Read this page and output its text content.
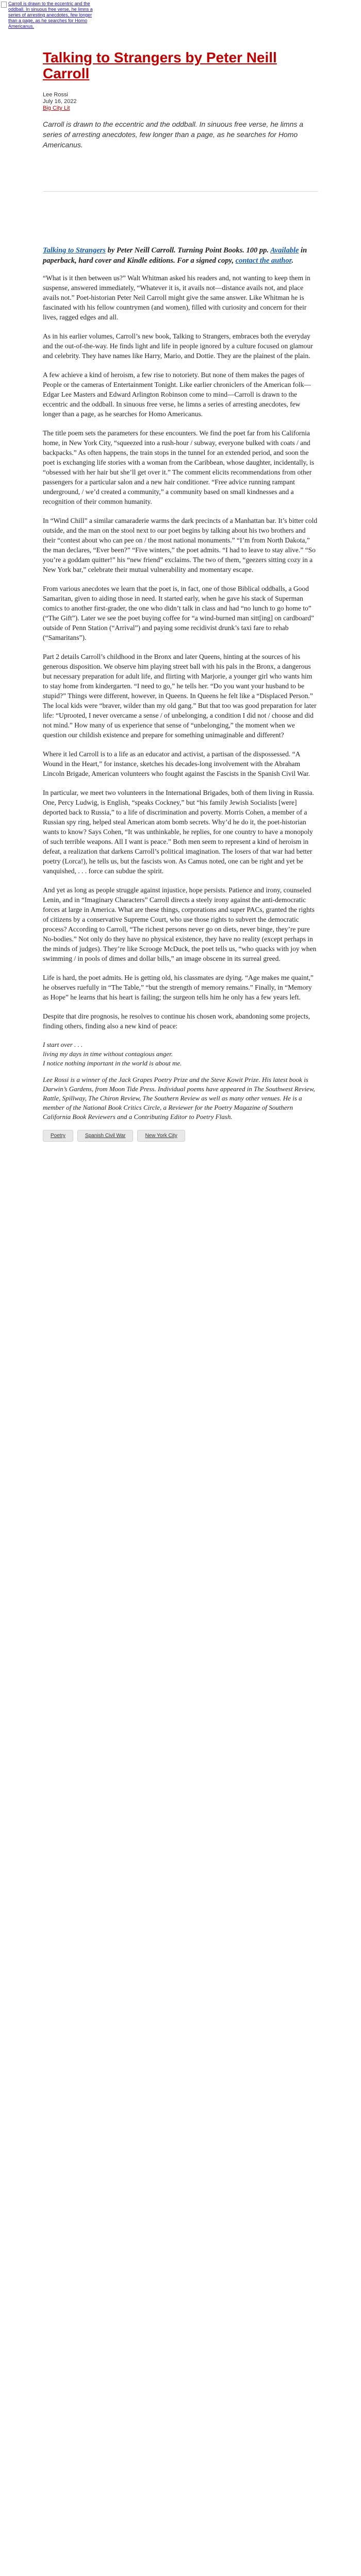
Carroll is drawn to the eccentric and the oddball. In sinuous free verse, he limns a series of arresting anecdotes, few longer than a page, as he searches for Homo Americanus.
Talking to Strangers by Peter Neill Carroll
Lee Rossi
July 16, 2022
Big City Lit
Carroll is drawn to the eccentric and the oddball. In sinuous free verse, he limns a series of arresting anecdotes, few longer than a page, as he searches for Homo Americanus.
Talking to Strangers by Peter Neill Carroll. Turning Point Books. 100 pp. Available in paperback, hard cover and Kindle editions. For a signed copy, contact the author.

“What is it then between us?” Walt Whitman asked his readers and, not wanting to keep them in suspense, answered immediately, “Whatever it is, it avails not—distance avails not, and place avails not.” Poet-historian Peter Neil Carroll might give the same answer. Like Whitman he is fascinated with his fellow countrymen (and women), filled with curiosity and concern for their lives, ragged edges and all.

As in his earlier volumes, Carroll’s new book, Talking to Strangers, embraces both the everyday and the out-of-the-way. He finds light and life in people ignored by a culture focused on glamour and celebrity. They have names like Harry, Mario, and Dottie. They are the plainest of the plain.

A few achieve a kind of heroism, a few rise to notoriety. But none of them makes the pages of People or the cameras of Entertainment Tonight. Like earlier chroniclers of the American folk—Edgar Lee Masters and Edward Arlington Robinson come to mind—Carroll is drawn to the eccentric and the oddball. In sinuous free verse, he limns a series of arresting anecdotes, few longer than a page, as he searches for Homo Americanus.

The title poem sets the parameters for these encounters. We find the poet far from his California home, in New York City, “squeezed into a rush-hour / subway, everyone bulked with coats / and backpacks.” As often happens, the train stops in the tunnel for an extended period, and soon the poet is exchanging life stories with a woman from the Caribbean, whose daughter, incidentally, is “obsessed with her hair but she’ll get over it.” The comment elicits recommendations from other passengers for a particular salon and a new hair conditioner. “Free advice running rampant underground, / we’d created a community,” a community based on small kindnesses and a recognition of their common humanity.

In “Wind Chill” a similar camaraderie warms the dark precincts of a Manhattan bar. It’s bitter cold outside, and the man on the stool next to our poet begins by talking about his two brothers and their “contest about who can pee on / the most national monuments.” “I’m from North Dakota,” the man declares, “Ever been?” “Five winters,” the poet admits. “I had to leave to stay alive.” “So you’re a goddam quitter!” his “new friend” exclaims. The two of them, “geezers sitting cozy in a New York bar,” celebrate their mutual vulnerability and momentary escape.

From various anecdotes we learn that the poet is, in fact, one of those Biblical oddballs, a Good Samaritan, given to aiding those in need. It started early, when he gave his stack of Superman comics to another first-grader, the one who didn’t talk in class and had “no lunch to go home to” (“The Gift”). Later we see the poet buying coffee for “a wind-burned man sitt[ing] on cardboard” outside of Penn Station (“Arrival”) and paying some recidivist drunk’s taxi fare to rehab (“Samaritans”).

Part 2 details Carroll’s childhood in the Bronx and later Queens, hinting at the sources of his generous disposition. We observe him playing street ball with his pals in the Bronx, a dangerous but necessary preparation for adult life, and flirting with Marjorie, a younger girl who wants him to stay home from kindergarten. “I need to go,” he tells her. “Do you want your husband to be stupid?” Things were different, however, in Queens. In Queens he felt like a “Displaced Person.” The local kids were “braver, wilder than my old gang.” But that too was good preparation for later life: “Uprooted, I never overcame a sense / of unbelonging, a condition I did not / choose and did not mind.” How many of us experience that sense of “unbelonging,” the moment when we question our childish existence and prepare for something unimaginable and different?

Where it led Carroll is to a life as an educator and activist, a partisan of the dispossessed. “A Wound in the Heart,” for instance, sketches his decades-long involvement with the Abraham Lincoln Brigade, American volunteers who fought against the Fascists in the Spanish Civil War.

In particular, we meet two volunteers in the International Brigades, both of them living in Russia. One, Percy Ludwig, is English, “speaks Cockney,” but “his family Jewish Socialists [were] deported back to Russia,” to a life of discrimination and poverty. Morris Cohen, a member of a Russian spy ring, helped steal American atom bomb secrets. Why’d he do it, the poet-historian wants to know? Says Cohen, “It was unthinkable, he replies, for one country to have a monopoly of such terrible weapons. All I want is peace.” Both men seem to represent a kind of heroism in defeat, a realization that darkens Carroll’s political imagination. The losers of that war had better poetry (Lorca!), he tells us, but the fascists won. As Camus noted, one can be right and yet be vanquished, . . . force can subdue the spirit.

And yet as long as people struggle against injustice, hope persists. Patience and irony, counseled Lenin, and in “Imaginary Characters” Carroll directs a steely irony against the anti-democratic forces at large in America. What are these things, corporations and super PACs, granted the rights of citizens by a conservative Supreme Court, who use those rights to subvert the democratic process? According to Carroll, “The richest persons never go on diets, never binge, they’re pure No-bodies.” Not only do they have no physical existence, they have no reality (except perhaps in the minds of judges). They’re like Scrooge McDuck, the poet tells us, “who quacks with joy when swimming / in pools of dimes and dollar bills,” an image obscene in its surreal greed.

Life is hard, the poet admits. He is getting old, his classmates are dying. “Age makes me quaint,” he observes ruefully in “The Table,” “but the strength of memory remains.” Finally, in “Memory as Hope” he learns that his heart is failing; the surgeon tells him he only has a few years left.

Despite that dire prognosis, he resolves to continue his chosen work, abandoning some projects, finding others, finding also a new kind of peace:

I start over . . .
living my days in time without contagious anger.
I notice nothing important in the world is about me.

Lee Rossi is a winner of the Jack Grapes Poetry Prize and the Steve Kowit Prize. His latest book is Darwin’s Gardens, from Moon Tide Press. Individual poems have appeared in The Southwest Review, Rattle, Spillway, The Chiron Review, The Southern Review as well as many other venues. He is a member of the National Book Critics Circle, a Reviewer for the Poetry Magazine of Southern California Book Reviewers and a Contributing Editor to Poetry Flash.

Poetry	Spanish Civil War	New York City
